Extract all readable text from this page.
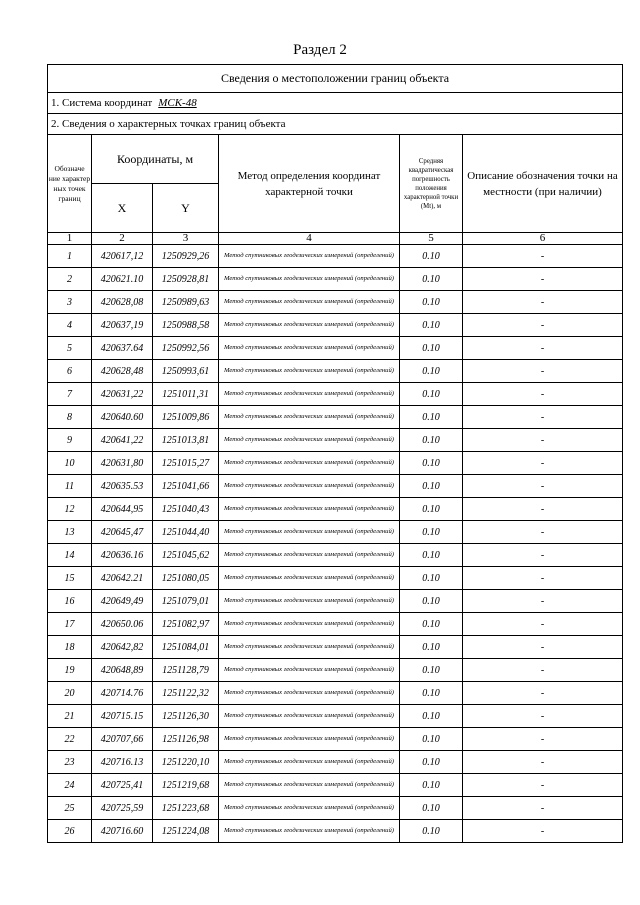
Раздел 2
Сведения о местоположении границ объекта					
1. Система координат МСК-48					
2. Сведения о характерных точках границ объекта					
Обозначе ние характер ных точек границ	Координаты, м		Метод определения координат характерной точки	Средняя квадратическая погрешность положения характерной точки (Mt), м	Описание обозначения точки на местности (при наличии)
	X	Y			
1	2	3	4	5	6
1	420617,12	1250929,26	Метод спутниковых геодезических измерений (определений)	0.10	-
2	420621.10	1250928,81	Метод спутниковых геодезических измерений (определений)	0.10	-
3	420628,08	1250989,63	Метод спутниковых геодезических измерений (определений)	0.10	-
4	420637,19	1250988,58	Метод спутниковых геодезических измерений (определений)	0.10	-
5	420637.64	1250992,56	Метод спутниковых геодезических измерений (определений)	0.10	-
6	420628,48	1250993,61	Метод спутниковых геодезических измерений (определений)	0.10	-
7	420631,22	1251011,31	Метод спутниковых геодезических измерений (определений)	0.10	-
8	420640.60	1251009,86	Метод спутниковых геодезических измерений (определений)	0.10	-
9	420641,22	1251013,81	Метод спутниковых геодезических измерений (определений)	0.10	-
10	420631,80	1251015,27	Метод спутниковых геодезических измерений (определений)	0.10	-
11	420635.53	1251041,66	Метод спутниковых геодезических измерений (определений)	0.10	-
12	420644,95	1251040,43	Метод спутниковых геодезических измерений (определений)	0.10	-
13	420645,47	1251044,40	Метод спутниковых геодезических измерений (определений)	0.10	-
14	420636.16	1251045,62	Метод спутниковых геодезических измерений (определений)	0.10	-
15	420642.21	1251080,05	Метод спутниковых геодезических измерений (определений)	0.10	-
16	420649,49	1251079,01	Метод спутниковых геодезических измерений (определений)	0.10	-
17	420650.06	1251082,97	Метод спутниковых геодезических измерений (определений)	0.10	-
18	420642,82	1251084,01	Метод спутниковых геодезических измерений (определений)	0.10	-
19	420648,89	1251128,79	Метод спутниковых геодезических измерений (определений)	0.10	-
20	420714.76	1251122,32	Метод спутниковых геодезических измерений (определений)	0.10	-
21	420715.15	1251126,30	Метод спутниковых геодезических измерений (определений)	0.10	-
22	420707,66	1251126,98	Метод спутниковых геодезических измерений (определений)	0.10	-
23	420716.13	1251220,10	Метод спутниковых геодезических измерений (определений)	0.10	-
24	420725,41	1251219,68	Метод спутниковых геодезических измерений (определений)	0.10	-
25	420725,59	1251223,68	Метод спутниковых геодезических измерений (определений)	0.10	-
26	420716.60	1251224,08	Метод спутниковых геодезических измерений (определений)	0.10	-
